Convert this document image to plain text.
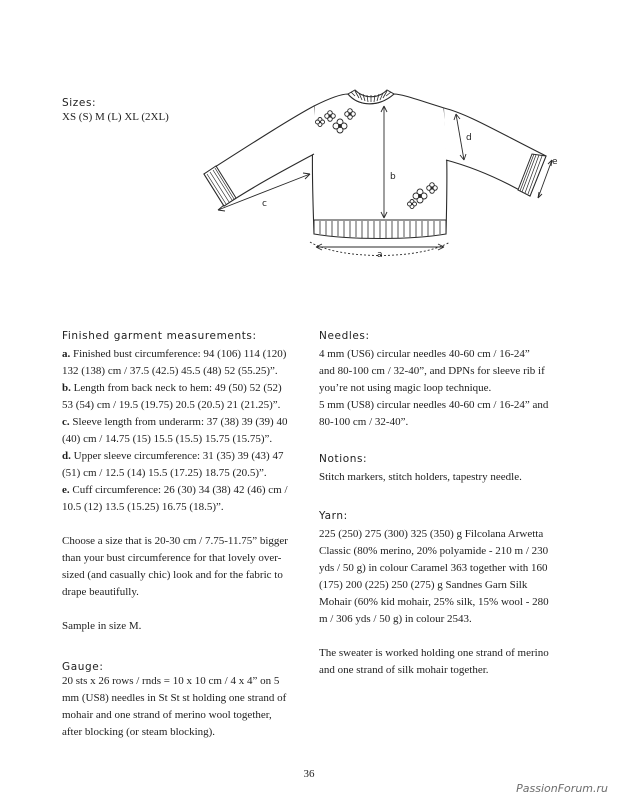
Sizes:
XS (S) M (L) XL (2XL)
a
b
c
d
e
Finished garment measurements:

a. Finished bust circumference: 94 (106) 114 (120)
132 (138) cm / 37.5 (42.5) 45.5 (48) 52 (55.25)”.

b. Length from back neck to hem: 49 (50) 52 (52)
53 (54) cm / 19.5 (19.75) 20.5 (20.5) 21 (21.25)”.

c. Sleeve length from underarm: 37 (38) 39 (39) 40
(40) cm / 14.75 (15) 15.5 (15.5) 15.75 (15.75)”.

d. Upper sleeve circumference: 31 (35) 39 (43) 47
(51) cm / 12.5 (14) 15.5 (17.25) 18.75 (20.5)”.

e. Cuff circumference: 26 (30) 34 (38) 42 (46) cm /
10.5 (12) 13.5 (15.25) 16.75 (18.5)”.

Choose a size that is 20-30 cm / 7.75-11.75” bigger
than your bust circumference for that lovely over-
sized (and casually chic) look and for the fabric to
drape beautifully.

Sample in size M.

Gauge:

20 sts x 26 rows / rnds = 10 x 10 cm / 4 x 4” on 5
mm (US8) needles in St St st holding one strand of
mohair and one strand of merino wool together,
after blocking (or steam blocking).

Needles:

4 mm (US6) circular needles 40-60 cm / 16-24”
and 80-100 cm / 32-40”, and DPNs for sleeve rib if
you’re not using magic loop technique.
5 mm (US8) circular needles 40-60 cm / 16-24” and
80-100 cm / 32-40”.

Notions:

Stitch markers, stitch holders, tapestry needle.

Yarn:

225 (250) 275 (300) 325 (350) g Filcolana Arwetta
Classic (80% merino, 20% polyamide - 210 m / 230
yds / 50 g) in colour Caramel 363 together with 160
(175) 200 (225) 250 (275) g Sandnes Garn Silk
Mohair (60% kid mohair, 25% silk, 15% wool - 280
m / 306 yds / 50 g) in colour 2543.

The sweater is worked holding one strand of merino
and one strand of silk mohair together.

36
PassionForum.ru
